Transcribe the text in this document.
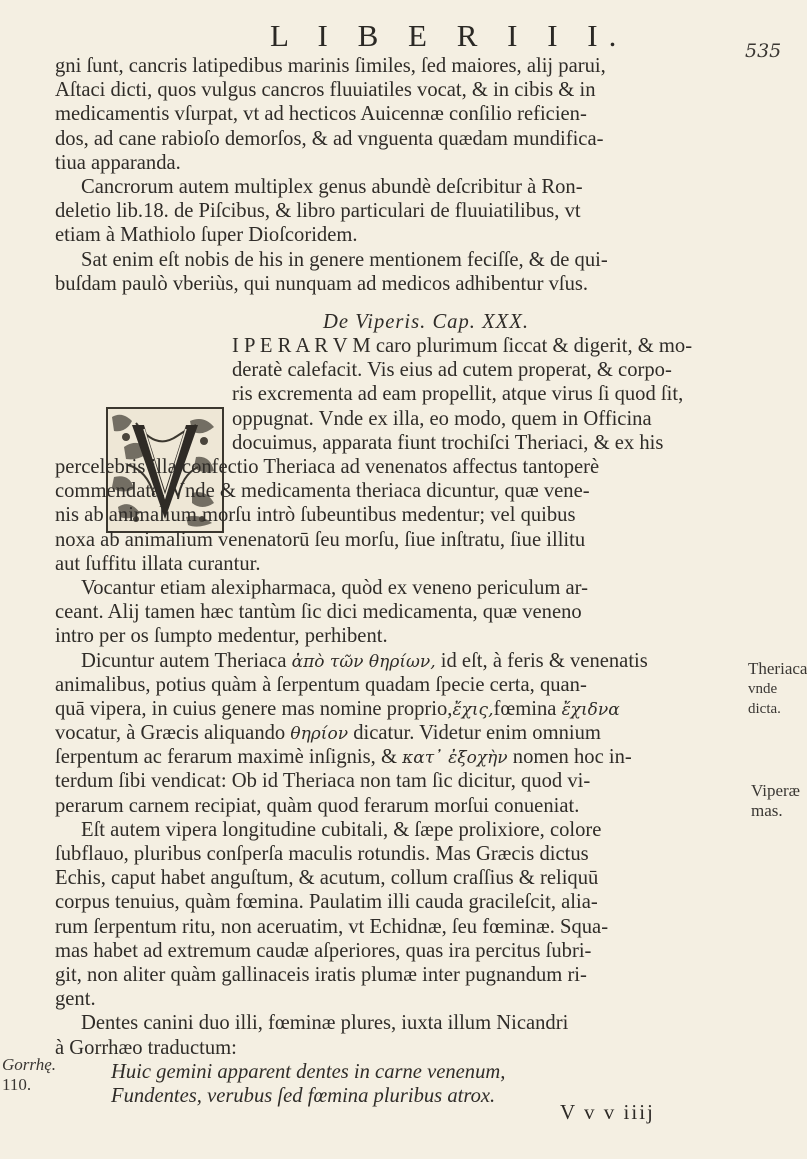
L I B E R I I I.	535
gni ſunt, cancris latipedibus marinis ſimiles, ſed maiores, alij parui,
Aſtaci dicti, quos vulgus cancros fluuiatiles vocat, & in cibis & in
medicamentis vſurpat, vt ad hecticos Auicennæ conſilio reficien-
dos, ad cane rabioſo demorſos, & ad vnguenta quædam mundifica-
tiua apparanda.
Cancrorum autem multiplex genus abundè deſcribitur à Ron-
deletio lib.18. de Piſcibus, & libro particulari de fluuiatilibus, vt
etiam à Mathiolo ſuper Dioſcoridem.
Sat enim eſt nobis de his in genere mentionem feciſſe, & de qui-
buſdam paulò vberiùs, qui nunquam ad medicos adhibentur vſus.
De Viperis. Cap. XXX.
I P E R A R V M caro plurimum ſiccat & digerit, & mo-
deratè calefacit. Vis eius ad cutem properat, & corpo-
ris excrementa ad eam propellit, atque virus ſi quod ſit,
oppugnat. Vnde ex illa, eo modo, quem in Officina
docuimus, apparata fiunt trochiſci Theriaci, & ex his
percelebris illa confectio Theriaca ad venenatos affectus tantoperè
commendata. Vnde & medicamenta theriaca dicuntur, quæ vene-
nis ab animalium morſu intrò ſubeuntibus medentur; vel quibus
noxa ab animalium venenatorū ſeu morſu, ſiue inſtratu, ſiue illitu
aut ſuffitu illata curantur.
Vocantur etiam alexipharmaca, quòd ex veneno periculum ar-
ceant. Alij tamen hæc tantùm ſic dici medicamenta, quæ veneno
intro per os ſumpto medentur, perhibent.
Dicuntur autem Theriaca ἀπὸ τῶν θηρίων, id eſt, à feris & venenatis
animalibus, potius quàm à ſerpentum quadam ſpecie certa, quan-
quā vipera, in cuius genere mas nomine proprio,ἔχις,fœmina ἔχιδνα
vocatur, à Græcis aliquando θηρίον dicatur. Videtur enim omnium
ſerpentum ac ferarum maximè inſignis, & κατ᾽ ἐξοχὴν nomen hoc in-
terdum ſibi vendicat: Ob id Theriaca non tam ſic dicitur, quod vi-
perarum carnem recipiat, quàm quod ferarum morſui conueniat.
Eſt autem vipera longitudine cubitali, & ſæpe prolixiore, colore
ſubflauo, pluribus conſperſa maculis rotundis. Mas Græcis dictus
Echis, caput habet anguſtum, & acutum, collum craſſius & reliquū
corpus tenuius, quàm fœmina. Paulatim illi cauda gracileſcit, alia-
rum ſerpentum ritu, non aceruatim, vt Echidnæ, ſeu fœminæ. Squa-
mas habet ad extremum caudæ aſperiores, quas ira percitus ſubri-
git, non aliter quàm gallinaceis iratis plumæ inter pugnandum ri-
gent.
Dentes canini duo illi, fœminæ plures, iuxta illum Nicandri
à Gorrhæo traductum:
Huic gemini apparent dentes in carne venenum,
Fundentes, verubus ſed fœmina pluribus atrox.
Theriaca
vnde dicta.
Viperæ
mas.
Gorrhę.
110.
V v v iiij
